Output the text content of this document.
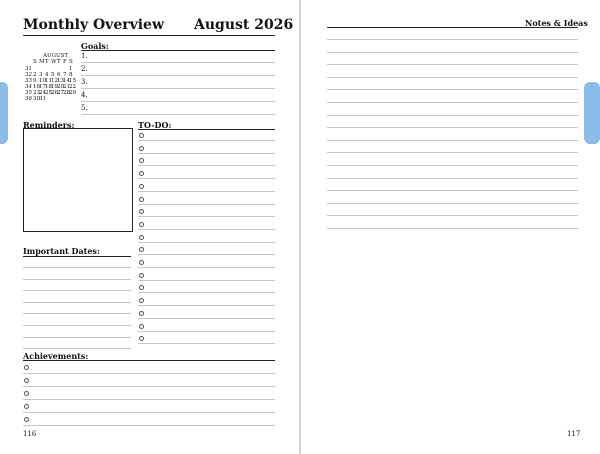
Monthly Overview August 2026
AUGUST
S M T W T F S
31	1
32 2 3 4 5 6 7 8
33 9 10 11 12 13 14 15
34 16 17 18 19 20 21 22
35 23 24 25 26 27 28 29
36 30 31
Goals:
1.
2.
3.
4.
5.
Reminders:	TO-DO:
Important Dates:
Achievements:
116
Notes & Ideas
117
